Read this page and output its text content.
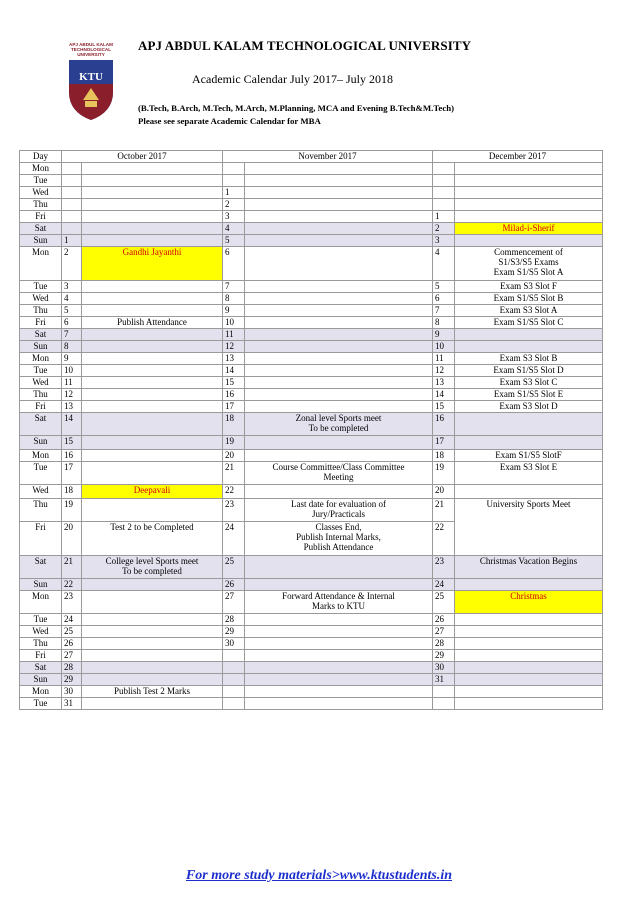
APJ ABDUL KALAM
TECHNOLOGICAL
UNIVERSITY
KTU
APJ ABDUL KALAM TECHNOLOGICAL UNIVERSITY
Academic Calendar July 2017– July 2018
(B.Tech, B.Arch, M.Tech, M.Arch, M.Planning, MCA and Evening B.Tech&M.Tech)
Please see separate Academic Calendar for MBA
Day	October 2017		November 2017		December 2017	
Mon						
Tue						
Wed			1			
Thu			2			
Fri			3		1	
Sat			4		2	Milad-i-Sherif
Sun	1		5		3	
Mon	2	Gandhi Jayanthi	6		4	Commencement of
S1/S3/S5 Exams
Exam S1/S5 Slot A

Tue	3		7		5	Exam S3 Slot F
Wed	4		8		6	Exam S1/S5 Slot B
Thu	5		9		7	Exam S3 Slot A
Fri	6	Publish Attendance	10		8	Exam S1/S5 Slot C
Sat	7		11		9	
Sun	8		12		10	
Mon	9		13		11	Exam S3 Slot B
Tue	10		14		12	Exam S1/S5 Slot D
Wed	11		15		13	Exam S3 Slot C
Thu	12		16		14	Exam S1/S5 Slot E
Fri	13		17		15	Exam S3 Slot D
Sat	14		18	Zonal level Sports meet
To be completed	16	
Sun	15		19		17	
Mon	16		20		18	Exam S1/S5 SlotF
Tue	17		21	Course Committee/Class Committee
Meeting	19	Exam S3 Slot E
Wed	18	Deepavali	22		20	
Thu	19		23	Last date for evaluation of
Jury/Practicals	21	University Sports Meet
Fri	20	Test 2 to be Completed	24	Classes End,
Publish Internal Marks,
Publish Attendance	22	
Sat	21	College level Sports meet
To be completed	25		23	Christmas Vacation Begins
Sun	22		26		24	
Mon	23		27	Forward Attendance & Internal
Marks to KTU	25	Christmas
Tue	24		28		26	
Wed	25		29		27	
Thu	26		30		28	
Fri	27				29	
Sat	28				30	
Sun	29				31	
Mon	30	Publish Test 2 Marks				
Tue	31					
For more study materials>www.ktustudents.in
